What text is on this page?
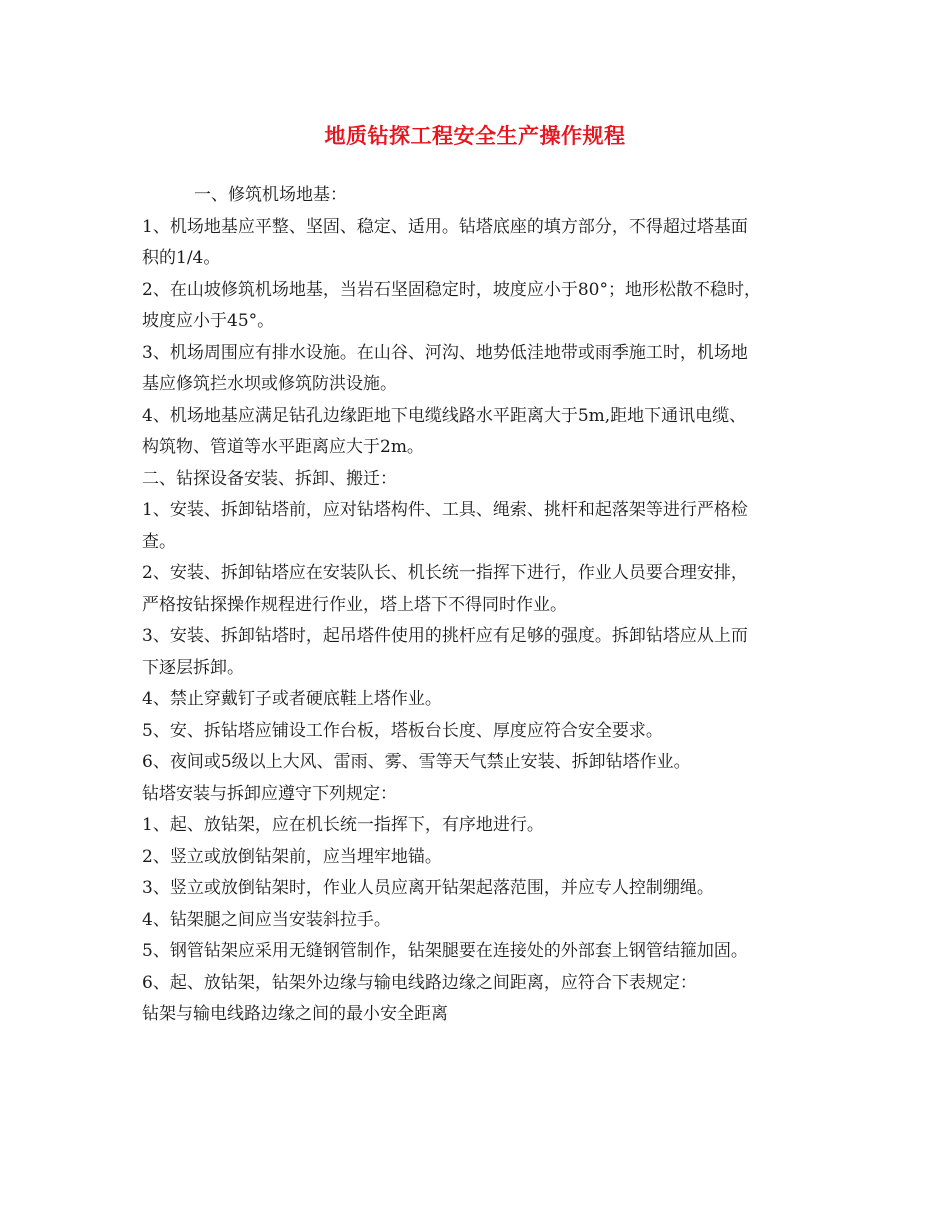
地质钻探工程安全生产操作规程
一、修筑机场地基：
1、机场地基应平整、坚固、稳定、适用。钻塔底座的填方部分，不得超过塔基面
积的1/4。
2、在山坡修筑机场地基，当岩石坚固稳定时，坡度应小于80°；地形松散不稳时，
坡度应小于45°。
3、机场周围应有排水设施。在山谷、河沟、地势低洼地带或雨季施工时，机场地
基应修筑拦水坝或修筑防洪设施。
4、机场地基应满足钻孔边缘距地下电缆线路水平距离大于5m,距地下通讯电缆、
构筑物、管道等水平距离应大于2m。
二、钻探设备安装、拆卸、搬迁：
1、安装、拆卸钻塔前，应对钻塔构件、工具、绳索、挑杆和起落架等进行严格检
查。
2、安装、拆卸钻塔应在安装队长、机长统一指挥下进行，作业人员要合理安排，
严格按钻探操作规程进行作业，塔上塔下不得同时作业。
3、安装、拆卸钻塔时，起吊塔件使用的挑杆应有足够的强度。拆卸钻塔应从上而
下逐层拆卸。
4、禁止穿戴钉子或者硬底鞋上塔作业。
5、安、拆钻塔应铺设工作台板，塔板台长度、厚度应符合安全要求。
6、夜间或5级以上大风、雷雨、雾、雪等天气禁止安装、拆卸钻塔作业。
钻塔安装与拆卸应遵守下列规定：
1、起、放钻架，应在机长统一指挥下，有序地进行。
2、竖立或放倒钻架前，应当埋牢地锚。
3、竖立或放倒钻架时，作业人员应离开钻架起落范围，并应专人控制绷绳。
4、钻架腿之间应当安装斜拉手。
5、钢管钻架应采用无缝钢管制作，钻架腿要在连接处的外部套上钢管结箍加固。
6、起、放钻架，钻架外边缘与输电线路边缘之间距离，应符合下表规定：
钻架与输电线路边缘之间的最小安全距离
